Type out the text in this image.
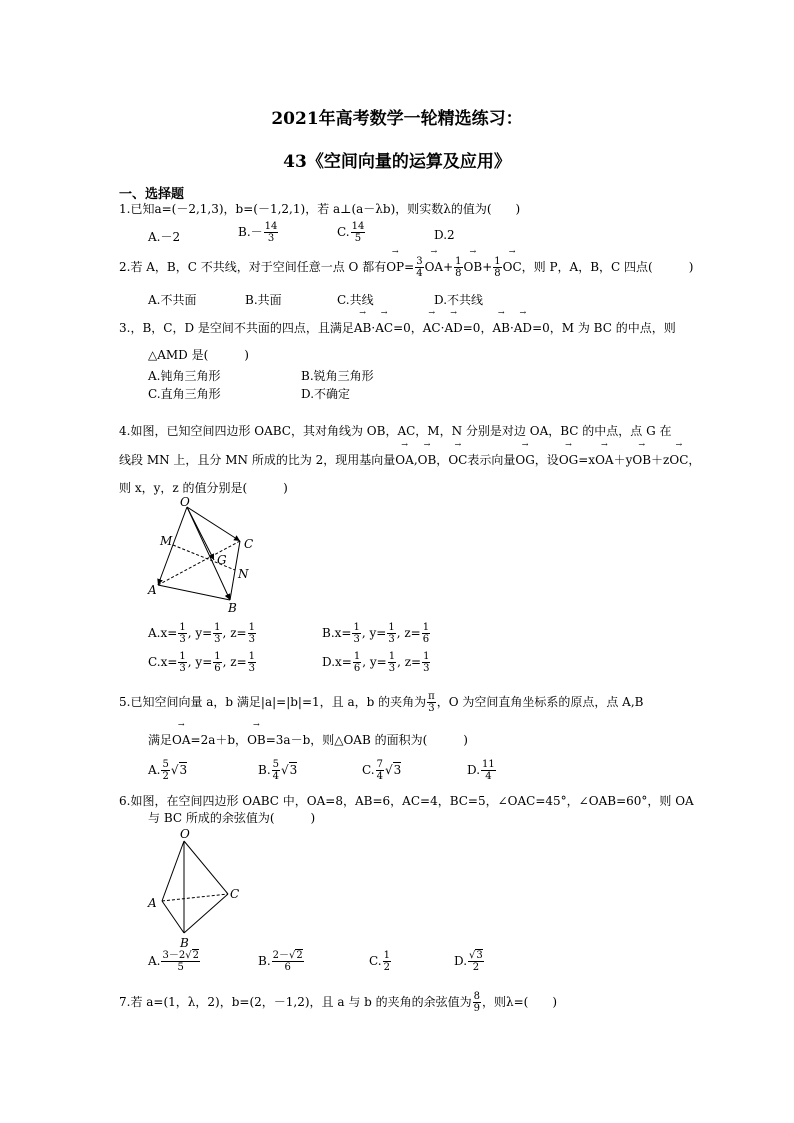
2021年高考数学一轮精选练习：
43《空间向量的运算及应用》
一、选择题
1.已知a=(－2,1,3)，b=(－1,2,1)，若 a⊥(a－λb)，则实数λ的值为(　　)
A.－2	$B.- \frac{14}{3}$	C. $\frac{14}{5}$	D.2
2.若 A，B，C 不共线，对于空间任意一点 O 都有→ $OP= \frac{3}{4}$
→ $OA+ \frac{1}{8}$
→ $OB+ \frac{1}{8}$
→ OC，则 P，A，B，C 四点(　　　)
A.不共面	B.共面	C.共线	D.不共线
3.，B，C，D 是空间不共面的四点，且满足→ AB·→ AC=0，→ AC·→ AD=0，→ AB·→ AD=0，M 为 BC 的中点，则
△AMD 是(　　　)
A.钝角三角形	B.锐角三角形
C.直角三角形	D.不确定
4.如图，已知空间四边形 OABC，其对角线为 OB，AC，M，N 分别是对边 OA，BC 的中点，点 G 在
线段 MN 上，且分 MN 所成的比为 2，现用基向量→ OA,→ OB，→ OC表示向量→ OG，设→ OG=x→ OA＋y→ OB＋z→ OC，
则 x，y，z 的值分别是(　　　)
O
A
B
C
M
N
G
$A.x= \frac{1}{3}$ , $y= \frac{1}{3}$ , $z= \frac{1}{3}$	$B.x= \frac{1}{3}$ , $y= \frac{1}{3}$ , $z= \frac{1}{6}$
$C.x= \frac{1}{3}$ , $y= \frac{1}{6}$ , $z= \frac{1}{3}$	$D.x= \frac{1}{6}$ , $y= \frac{1}{3}$ , $z= \frac{1}{3}$
5.已知空间向量 a，b 满足|a|=|b|=1，且 a，b 的夹角为 $\frac{\pi}{3}$ ，O 为空间直角坐标系的原点，点 A,B
满足→ OA=2a＋b，→ OB=3a－b，则△OAB 的面积为(　　　)
A. $\frac{5}{2} √3$	B. $\frac{5}{4} √3$	C. $\frac{7}{4} √3$	D. $\frac{11}{4}$
6.如图，在空间四边形 OABC 中，OA=8，AB=6，AC=4，BC=5，∠OAC=45°，∠OAB=60°，则 OA
与 BC 所成的余弦值为(　　　)
O
A
B
C
A. $\frac{3-2√2}{5}$	B. $\frac{2-√2}{6}$	C. $\frac{1}{2}$	D. $\frac{√3}{2}$
7.若 a=(1，λ，2)，b=(2，－1,2)，且 a 与 b 的夹角的余弦值为 $\frac{8}{9}$ ，则λ=(　　)
